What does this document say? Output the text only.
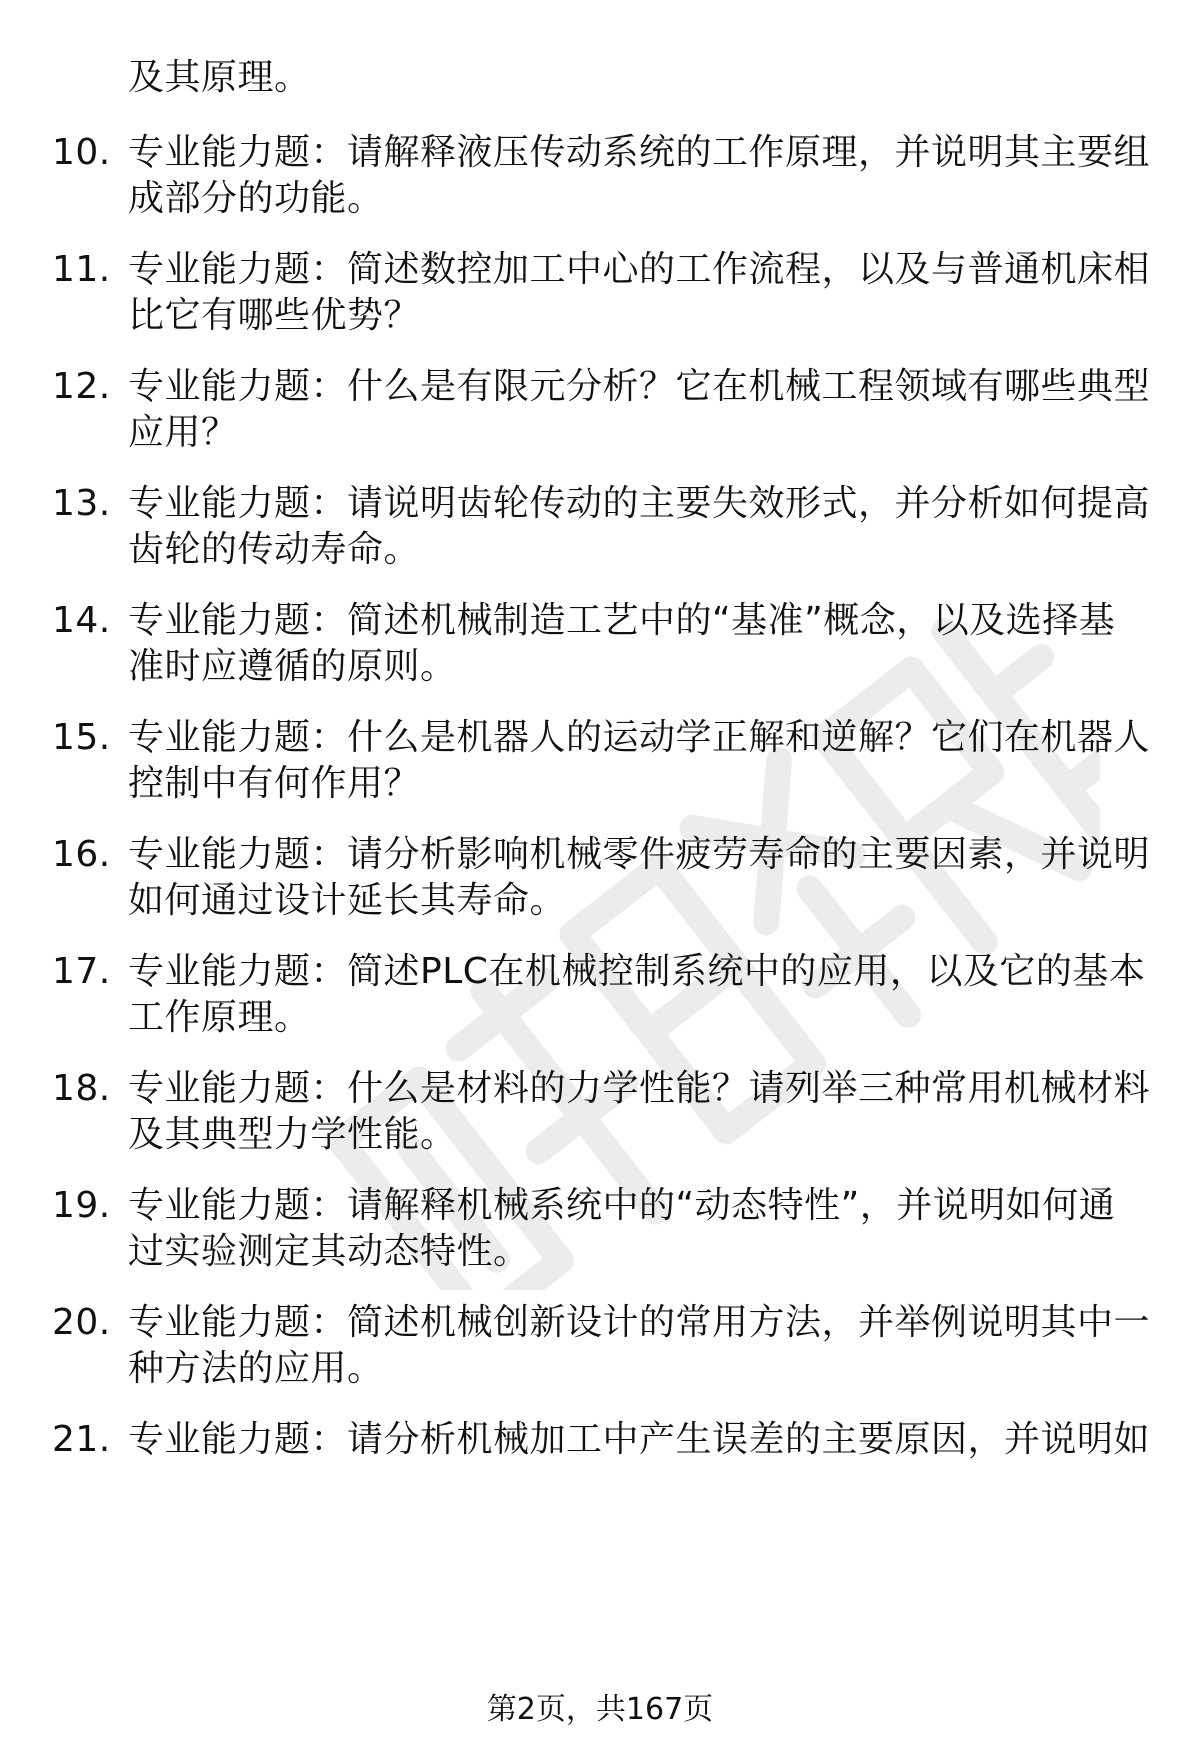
及其原理。
10. 专业能力题：请解释液压传动系统的工作原理，并说明其主要组
成部分的功能。
11. 专业能力题：简述数控加工中心的工作流程，以及与普通机床相
比它有哪些优势？
12. 专业能力题：什么是有限元分析？它在机械工程领域有哪些典型
应用？
13. 专业能力题：请说明齿轮传动的主要失效形式，并分析如何提高
齿轮的传动寿命。
14. 专业能力题：简述机械制造工艺中的“基准”概念，以及选择基
准时应遵循的原则。
15. 专业能力题：什么是机器人的运动学正解和逆解？它们在机器人
控制中有何作用？
16. 专业能力题：请分析影响机械零件疲劳寿命的主要因素，并说明
如何通过设计延长其寿命。
17. 专业能力题：简述PLC在机械控制系统中的应用，以及它的基本
工作原理。
18. 专业能力题：什么是材料的力学性能？请列举三种常用机械材料
及其典型力学性能。
19. 专业能力题：请解释机械系统中的“动态特性”，并说明如何通
过实验测定其动态特性。
20. 专业能力题：简述机械创新设计的常用方法，并举例说明其中一
种方法的应用。
21. 专业能力题：请分析机械加工中产生误差的主要原因，并说明如
第2页，共167页
